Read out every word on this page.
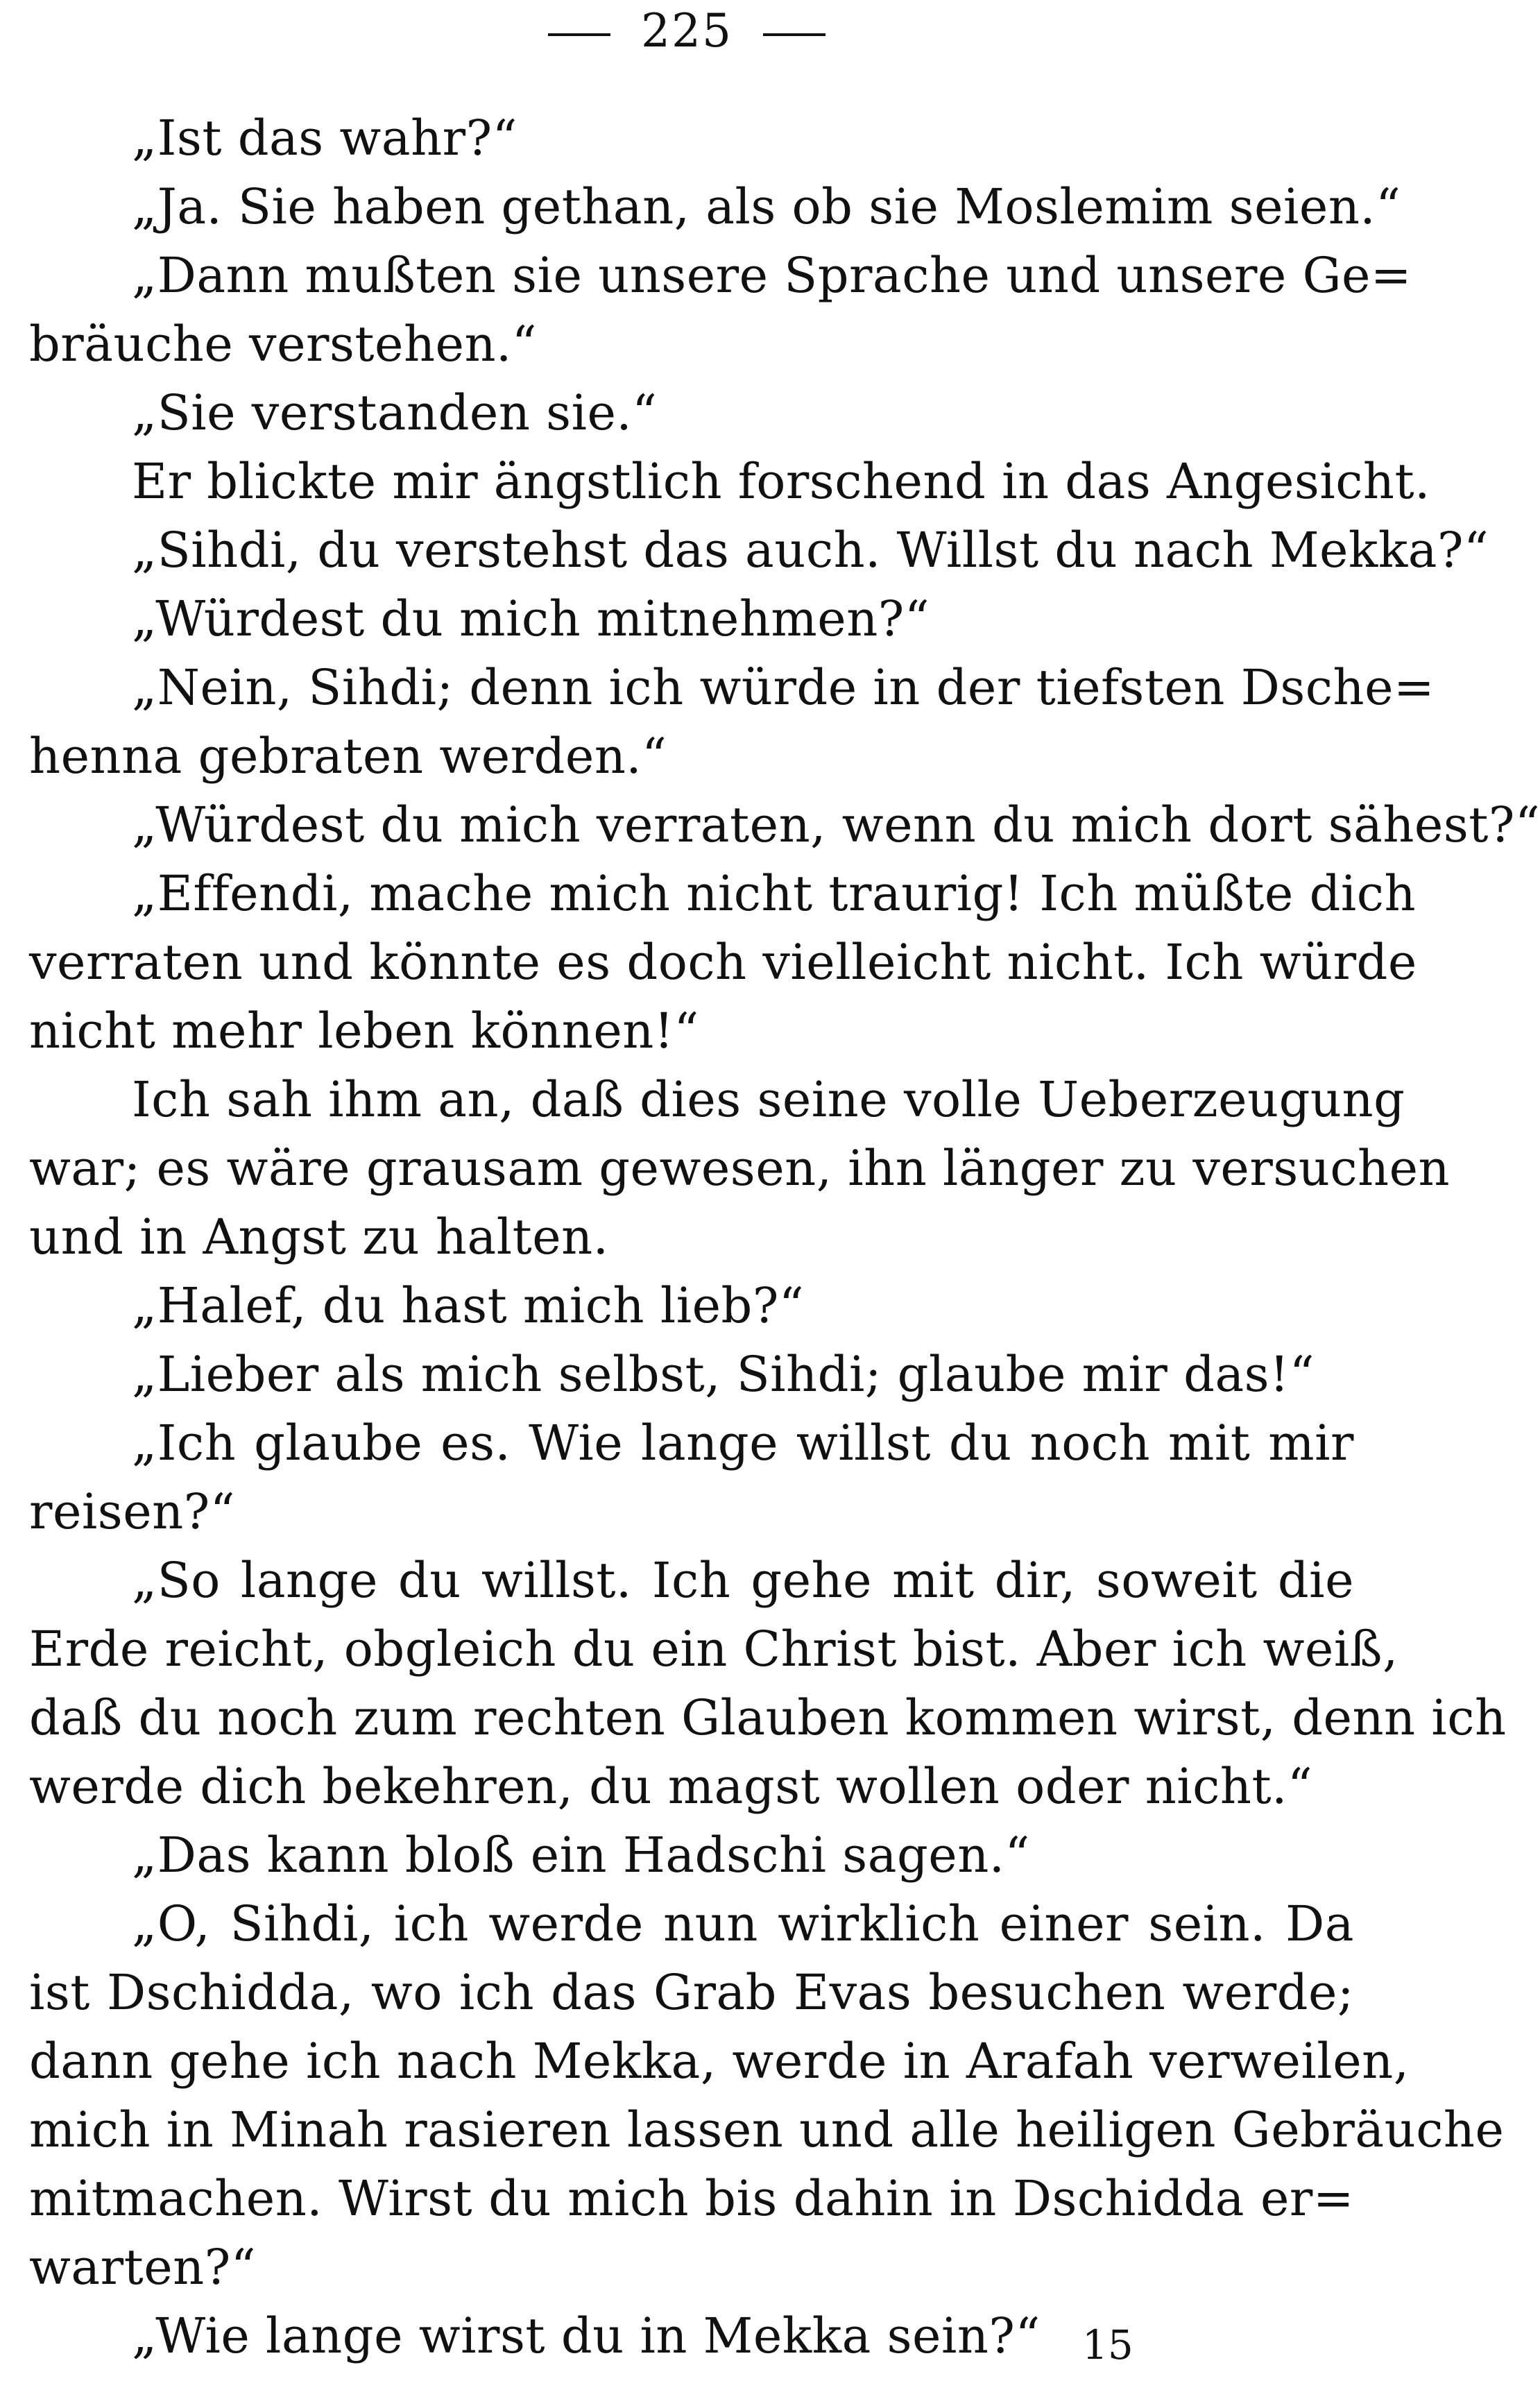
225
„Ist das wahr?“
„Ja. Sie haben gethan, als ob sie Moslemim seien.“
„Dann mußten sie unsere Sprache und unsere Ge=
bräuche verstehen.“
„Sie verstanden sie.“
Er blickte mir ängstlich forschend in das Angesicht.
„Sihdi, du verstehst das auch. Willst du nach Mekka?“
„Würdest du mich mitnehmen?“
„Nein, Sihdi; denn ich würde in der tiefsten Dsche=
henna gebraten werden.“
„Würdest du mich verraten, wenn du mich dort sähest?“
„Effendi, mache mich nicht traurig! Ich müßte dich
verraten und könnte es doch vielleicht nicht. Ich würde
nicht mehr leben können!“
Ich sah ihm an, daß dies seine volle Ueberzeugung
war; es wäre grausam gewesen, ihn länger zu versuchen
und in Angst zu halten.
„Halef, du hast mich lieb?“
„Lieber als mich selbst, Sihdi; glaube mir das!“
„Ich glaube es. Wie lange willst du noch mit mir
reisen?“
„So lange du willst. Ich gehe mit dir, soweit die
Erde reicht, obgleich du ein Christ bist. Aber ich weiß,
daß du noch zum rechten Glauben kommen wirst, denn ich
werde dich bekehren, du magst wollen oder nicht.“
„Das kann bloß ein Hadschi sagen.“
„O, Sihdi, ich werde nun wirklich einer sein. Da
ist Dschidda, wo ich das Grab Evas besuchen werde;
dann gehe ich nach Mekka, werde in Arafah verweilen,
mich in Minah rasieren lassen und alle heiligen Gebräuche
mitmachen. Wirst du mich bis dahin in Dschidda er=
warten?“
„Wie lange wirst du in Mekka sein?“	15
